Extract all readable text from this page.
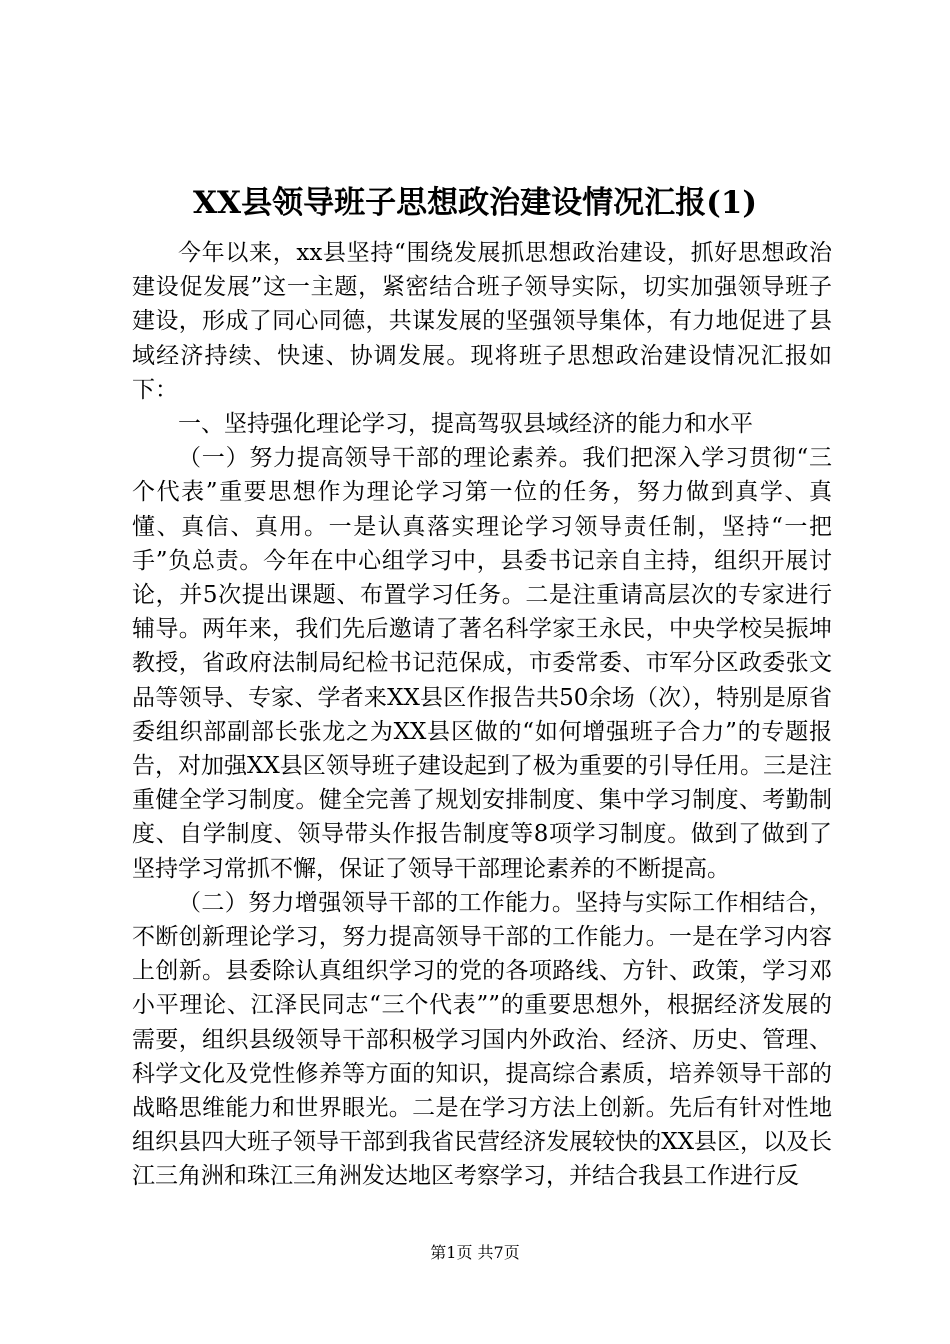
XX县领导班子思想政治建设情况汇报(1)

今年以来，xx县坚持“围绕发展抓思想政治建设，抓好思想政治建设促发展”这一主题，紧密结合班子领导实际，切实加强领导班子建设，形成了同心同德，共谋发展的坚强领导集体，有力地促进了县域经济持续、快速、协调发展。现将班子思想政治建设情况汇报如下：

一、坚持强化理论学习，提高驾驭县域经济的能力和水平

（一）努力提高领导干部的理论素养。我们把深入学习贯彻“三个代表”重要思想作为理论学习第一位的任务，努力做到真学、真懂、真信、真用。一是认真落实理论学习领导责任制，坚持“一把手”负总责。今年在中心组学习中，县委书记亲自主持，组织开展讨论，并5次提出课题、布置学习任务。二是注重请高层次的专家进行辅导。两年来，我们先后邀请了著名科学家王永民，中央学校吴振坤教授，省政府法制局纪检书记范保成，市委常委、市军分区政委张文品等领导、专家、学者来XX县区作报告共50余场（次），特别是原省委组织部副部长张龙之为XX县区做的“如何增强班子合力”的专题报告，对加强XX县区领导班子建设起到了极为重要的引导任用。三是注重健全学习制度。健全完善了规划安排制度、集中学习制度、考勤制度、自学制度、领导带头作报告制度等8项学习制度。做到了做到了坚持学习常抓不懈，保证了领导干部理论素养的不断提高。

（二）努力增强领导干部的工作能力。坚持与实际工作相结合，不断创新理论学习，努力提高领导干部的工作能力。一是在学习内容上创新。县委除认真组织学习的党的各项路线、方针、政策，学习邓小平理论、江泽民同志“三个代表””的重要思想外，根据经济发展的需要，组织县级领导干部积极学习国内外政治、经济、历史、管理、科学文化及党性修养等方面的知识，提高综合素质，培养领导干部的战略思维能力和世界眼光。二是在学习方法上创新。先后有针对性地组织县四大班子领导干部到我省民营经济发展较快的XX县区，以及长江三角洲和珠江三角洲发达地区考察学习，并结合我县工作进行反

第1页 共7页
